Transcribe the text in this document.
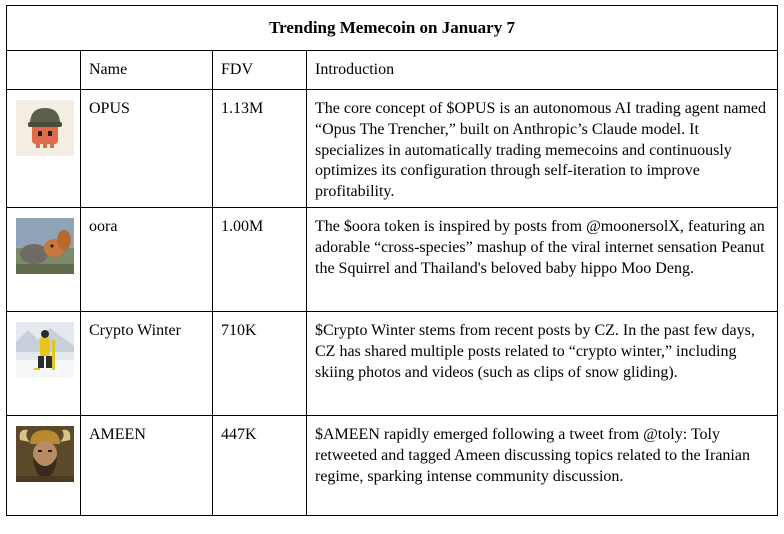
Trending Memecoin on January 7			
	Name	FDV	Introduction

	OPUS	1.13M	The core concept of $OPUS is an autonomous AI trading agent named “Opus The Trencher,” built on Anthropic’s Claude model. It specializes in automatically trading memecoins and continuously optimizes its configuration through self-iteration to improve profitability.

	oora	1.00M	The $oora token is inspired by posts from @moonersolX, featuring an adorable “cross-species” mashup of the viral internet sensation Peanut the Squirrel and Thailand's beloved baby hippo Moo Deng.

	Crypto Winter	710K	$Crypto Winter stems from recent posts by CZ. In the past few days, CZ has shared multiple posts related to “crypto winter,” including skiing photos and videos (such as clips of snow gliding).

	AMEEN	447K	$AMEEN rapidly emerged following a tweet from @toly: Toly retweeted and tagged Ameen discussing topics related to the Iranian regime, sparking intense community discussion.
